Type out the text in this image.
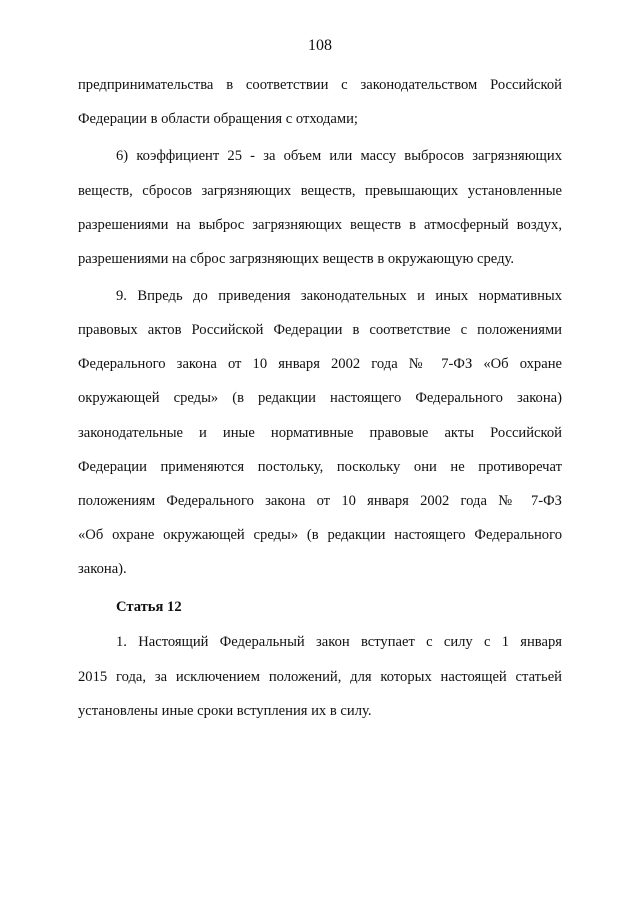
108
предпринимательства в соответствии с законодательством Российской
Федерации в области обращения с отходами;
6) коэффициент 25 - за объем или массу выбросов загрязняющих
веществ, сбросов загрязняющих веществ, превышающих установленные
разрешениями на выброс загрязняющих веществ в атмосферный воздух,
разрешениями на сброс загрязняющих веществ в окружающую среду.
9. Впредь до приведения законодательных и иных нормативных
правовых актов Российской Федерации в соответствие с положениями
Федерального закона от 10 января 2002 года № 7-ФЗ «Об охране
окружающей среды» (в редакции настоящего Федерального закона)
законодательные и иные нормативные правовые акты Российской
Федерации применяются постольку, поскольку они не противоречат
положениям Федерального закона от 10 января 2002 года № 7-ФЗ
«Об охране окружающей среды» (в редакции настоящего Федерального
закона).
Статья 12
1. Настоящий Федеральный закон вступает с силу с 1 января
2015 года, за исключением положений, для которых настоящей статьей
установлены иные сроки вступления их в силу.
